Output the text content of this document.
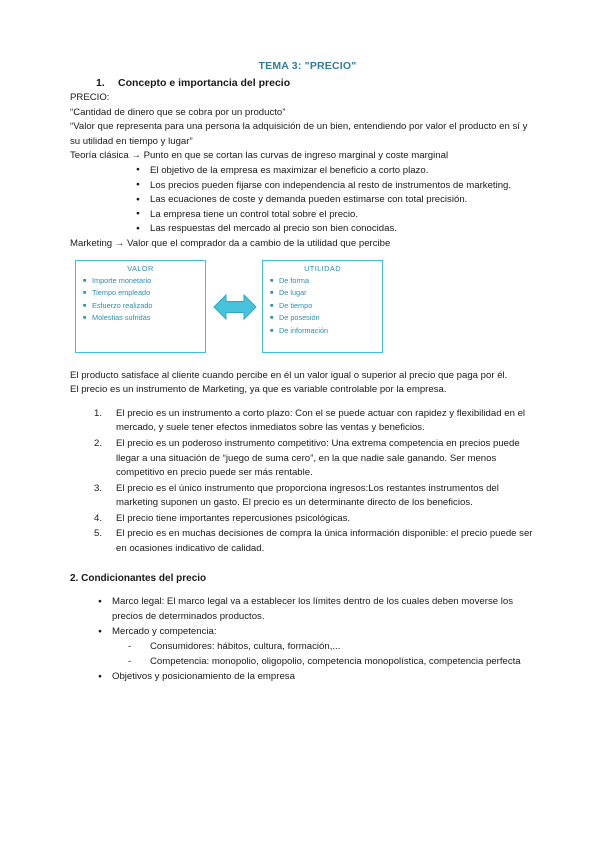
TEMA 3: "PRECIO"
1. Concepto e importancia del precio

PRECIO:

“Cantidad de dinero que se cobra por un producto”

“Valor que representa para una persona la adquisición de un bien, entendiendo por valor el producto en sí y su utilidad en tiempo y lugar”

Teoría clásica → Punto en que se cortan las curvas de ingreso marginal y coste marginal

● El objetivo de la empresa es maximizar el beneficio a corto plazo.
● Los precios pueden fijarse con independencia al resto de instrumentos de marketing.
● Las ecuaciones de coste y demanda pueden estimarse con total precisión.
● La empresa tiene un control total sobre el precio.
● Las respuestas del mercado al precio son bien conocidas.

Marketing → Valor que el comprador da a cambio de la utilidad que percibe

VALOR
■ Importe monetario
■ Tiempo empleado
■ Esfuerzo realizado
■ Molestias sufridas
UTILIDAD
■ De forma
■ De lugar
■ De tiempo
■ De posesión
■ De información

El producto satisface al cliente cuando percibe en él un valor igual o superior al precio que paga por él.

El precio es un instrumento de Marketing, ya que es variable controlable por la empresa.

El precio es un instrumento a corto plazo: Con el se puede actuar con rapidez y flexibilidad en el mercado, y suele tener efectos inmediatos sobre las ventas y beneficios.
El precio es un poderoso instrumento competitivo: Una extrema competencia en precios puede llegar a una situación de “juego de suma cero”, en la que nadie sale ganando. Ser menos competitivo en precio puede ser más rentable.
El precio es el único instrumento que proporciona ingresos:Los restantes instrumentos del marketing suponen un gasto. El precio es un determinante directo de los beneficios.
El precio tiene importantes repercusiones psicológicas.
El precio es en muchas decisiones de compra la única información disponible: el precio puede ser en ocasiones indicativo de calidad.
2. Condicionantes del precio
● Marco legal: El marco legal va a establecer los límites dentro de los cuales deben moverse los precios de determinados productos.
● Mercado y competencia:
- Consumidores: hábitos, cultura, formación,...
- Competencia: monopolio, oligopolio, competencia monopolística, competencia perfecta
● Objetivos y posicionamiento de la empresa
